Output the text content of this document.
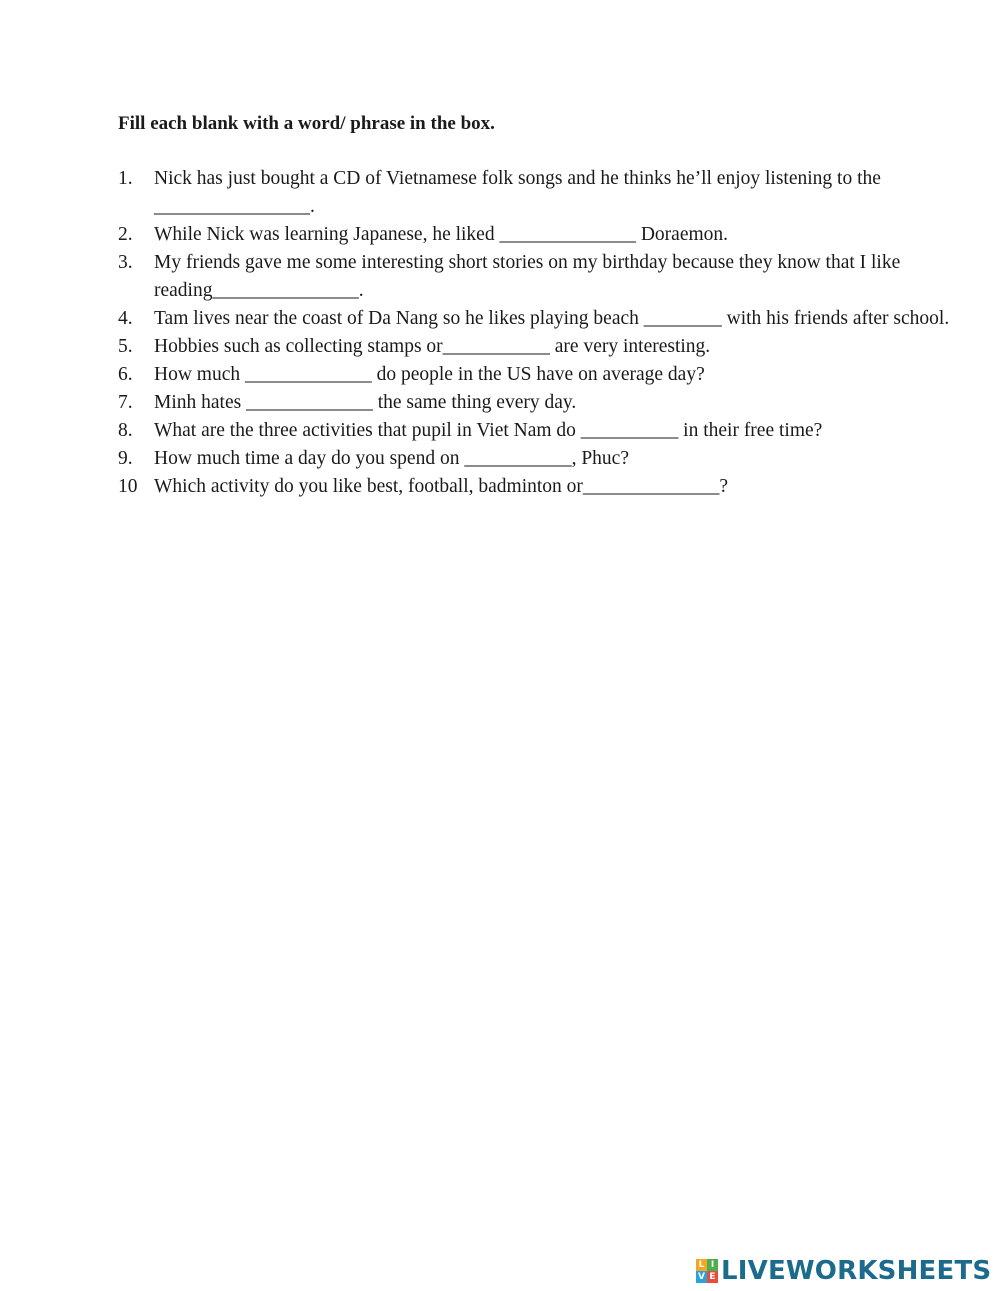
Fill each blank with a word/ phrase in the box.
1.	Nick has just bought a CD of Vietnamese folk songs and he thinks he’ll enjoy listening to the ________________.
2.	While Nick was learning Japanese, he liked ______________ Doraemon.
3.	My friends gave me some interesting short stories on my birthday because they know that I like reading_______________.
4.	Tam lives near the coast of Da Nang so he likes playing beach ________ with his friends after school.
5.	Hobbies such as collecting stamps or___________ are very interesting.
6.	How much _____________ do people in the US have on average day?
7.	Minh hates _____________ the same thing every day.
8.	What are the three activities that pupil in Viet Nam do __________ in their free time?
9.	How much time a day do you spend on ___________, Phuc?
10 Which activity do you like best, football, badminton or______________?
L I
V E LIVEWORKSHEETS
